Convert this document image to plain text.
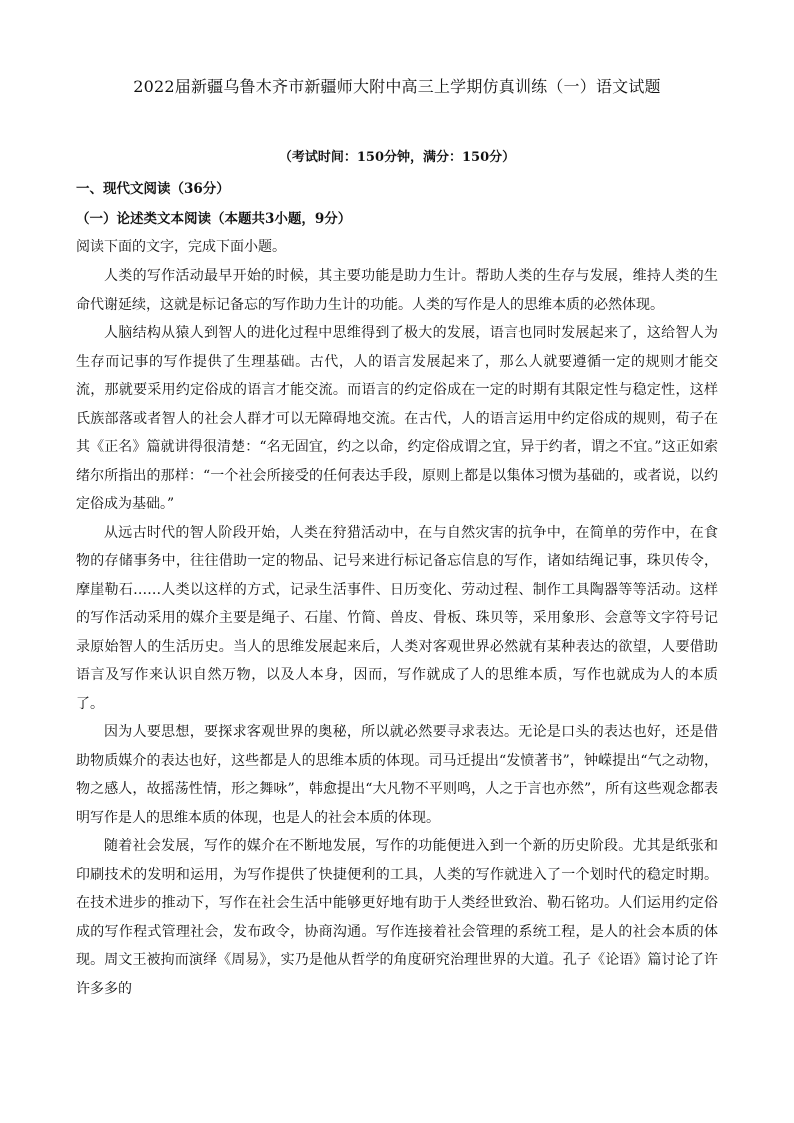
2022届新疆乌鲁木齐市新疆师大附中高三上学期仿真训练（一）语文试题
（考试时间：150分钟，满分：150分）
一、现代文阅读（36分）
（一）论述类文本阅读（本题共3小题，9分）
阅读下面的文字，完成下面小题。

人类的写作活动最早开始的时候，其主要功能是助力生计。帮助人类的生存与发展，维持人类的生命代谢延续，这就是标记备忘的写作助力生计的功能。人类的写作是人的思维本质的必然体现。

人脑结构从猿人到智人的进化过程中思维得到了极大的发展，语言也同时发展起来了，这给智人为生存而记事的写作提供了生理基础。古代，人的语言发展起来了，那么人就要遵循一定的规则才能交流，那就要采用约定俗成的语言才能交流。而语言的约定俗成在一定的时期有其限定性与稳定性，这样氏族部落或者智人的社会人群才可以无障碍地交流。在古代，人的语言运用中约定俗成的规则，荀子在其《正名》篇就讲得很清楚：“名无固宜，约之以命，约定俗成谓之宜，异于约者，谓之不宜。”这正如索绪尔所指出的那样：“一个社会所接受的任何表达手段，原则上都是以集体习惯为基础的，或者说，以约定俗成为基础。”

从远古时代的智人阶段开始，人类在狩猎活动中，在与自然灾害的抗争中，在简单的劳作中，在食物的存储事务中，往往借助一定的物品、记号来进行标记备忘信息的写作，诸如结绳记事，珠贝传令，摩崖勒石……人类以这样的方式，记录生活事件、日历变化、劳动过程、制作工具陶器等等活动。这样的写作活动采用的媒介主要是绳子、石崖、竹简、兽皮、骨板、珠贝等，采用象形、会意等文字符号记录原始智人的生活历史。当人的思维发展起来后，人类对客观世界必然就有某种表达的欲望，人要借助语言及写作来认识自然万物，以及人本身，因而，写作就成了人的思维本质，写作也就成为人的本质了。

因为人要思想，要探求客观世界的奥秘，所以就必然要寻求表达。无论是口头的表达也好，还是借助物质媒介的表达也好，这些都是人的思维本质的体现。司马迁提出“发愤著书”，钟嵘提出“气之动物，物之感人，故摇荡性情，形之舞咏”，韩愈提出“大凡物不平则鸣，人之于言也亦然”，所有这些观念都表明写作是人的思维本质的体现，也是人的社会本质的体现。

随着社会发展，写作的媒介在不断地发展，写作的功能便进入到一个新的历史阶段。尤其是纸张和印刷技术的发明和运用，为写作提供了快捷便利的工具，人类的写作就进入了一个划时代的稳定时期。在技术进步的推动下，写作在社会生活中能够更好地有助于人类经世致治、勒石铭功。人们运用约定俗成的写作程式管理社会，发布政令，协商沟通。写作连接着社会管理的系统工程，是人的社会本质的体现。周文王被拘而演绎《周易》，实乃是他从哲学的角度研究治理世界的大道。孔子《论语》篇讨论了许许多多的
